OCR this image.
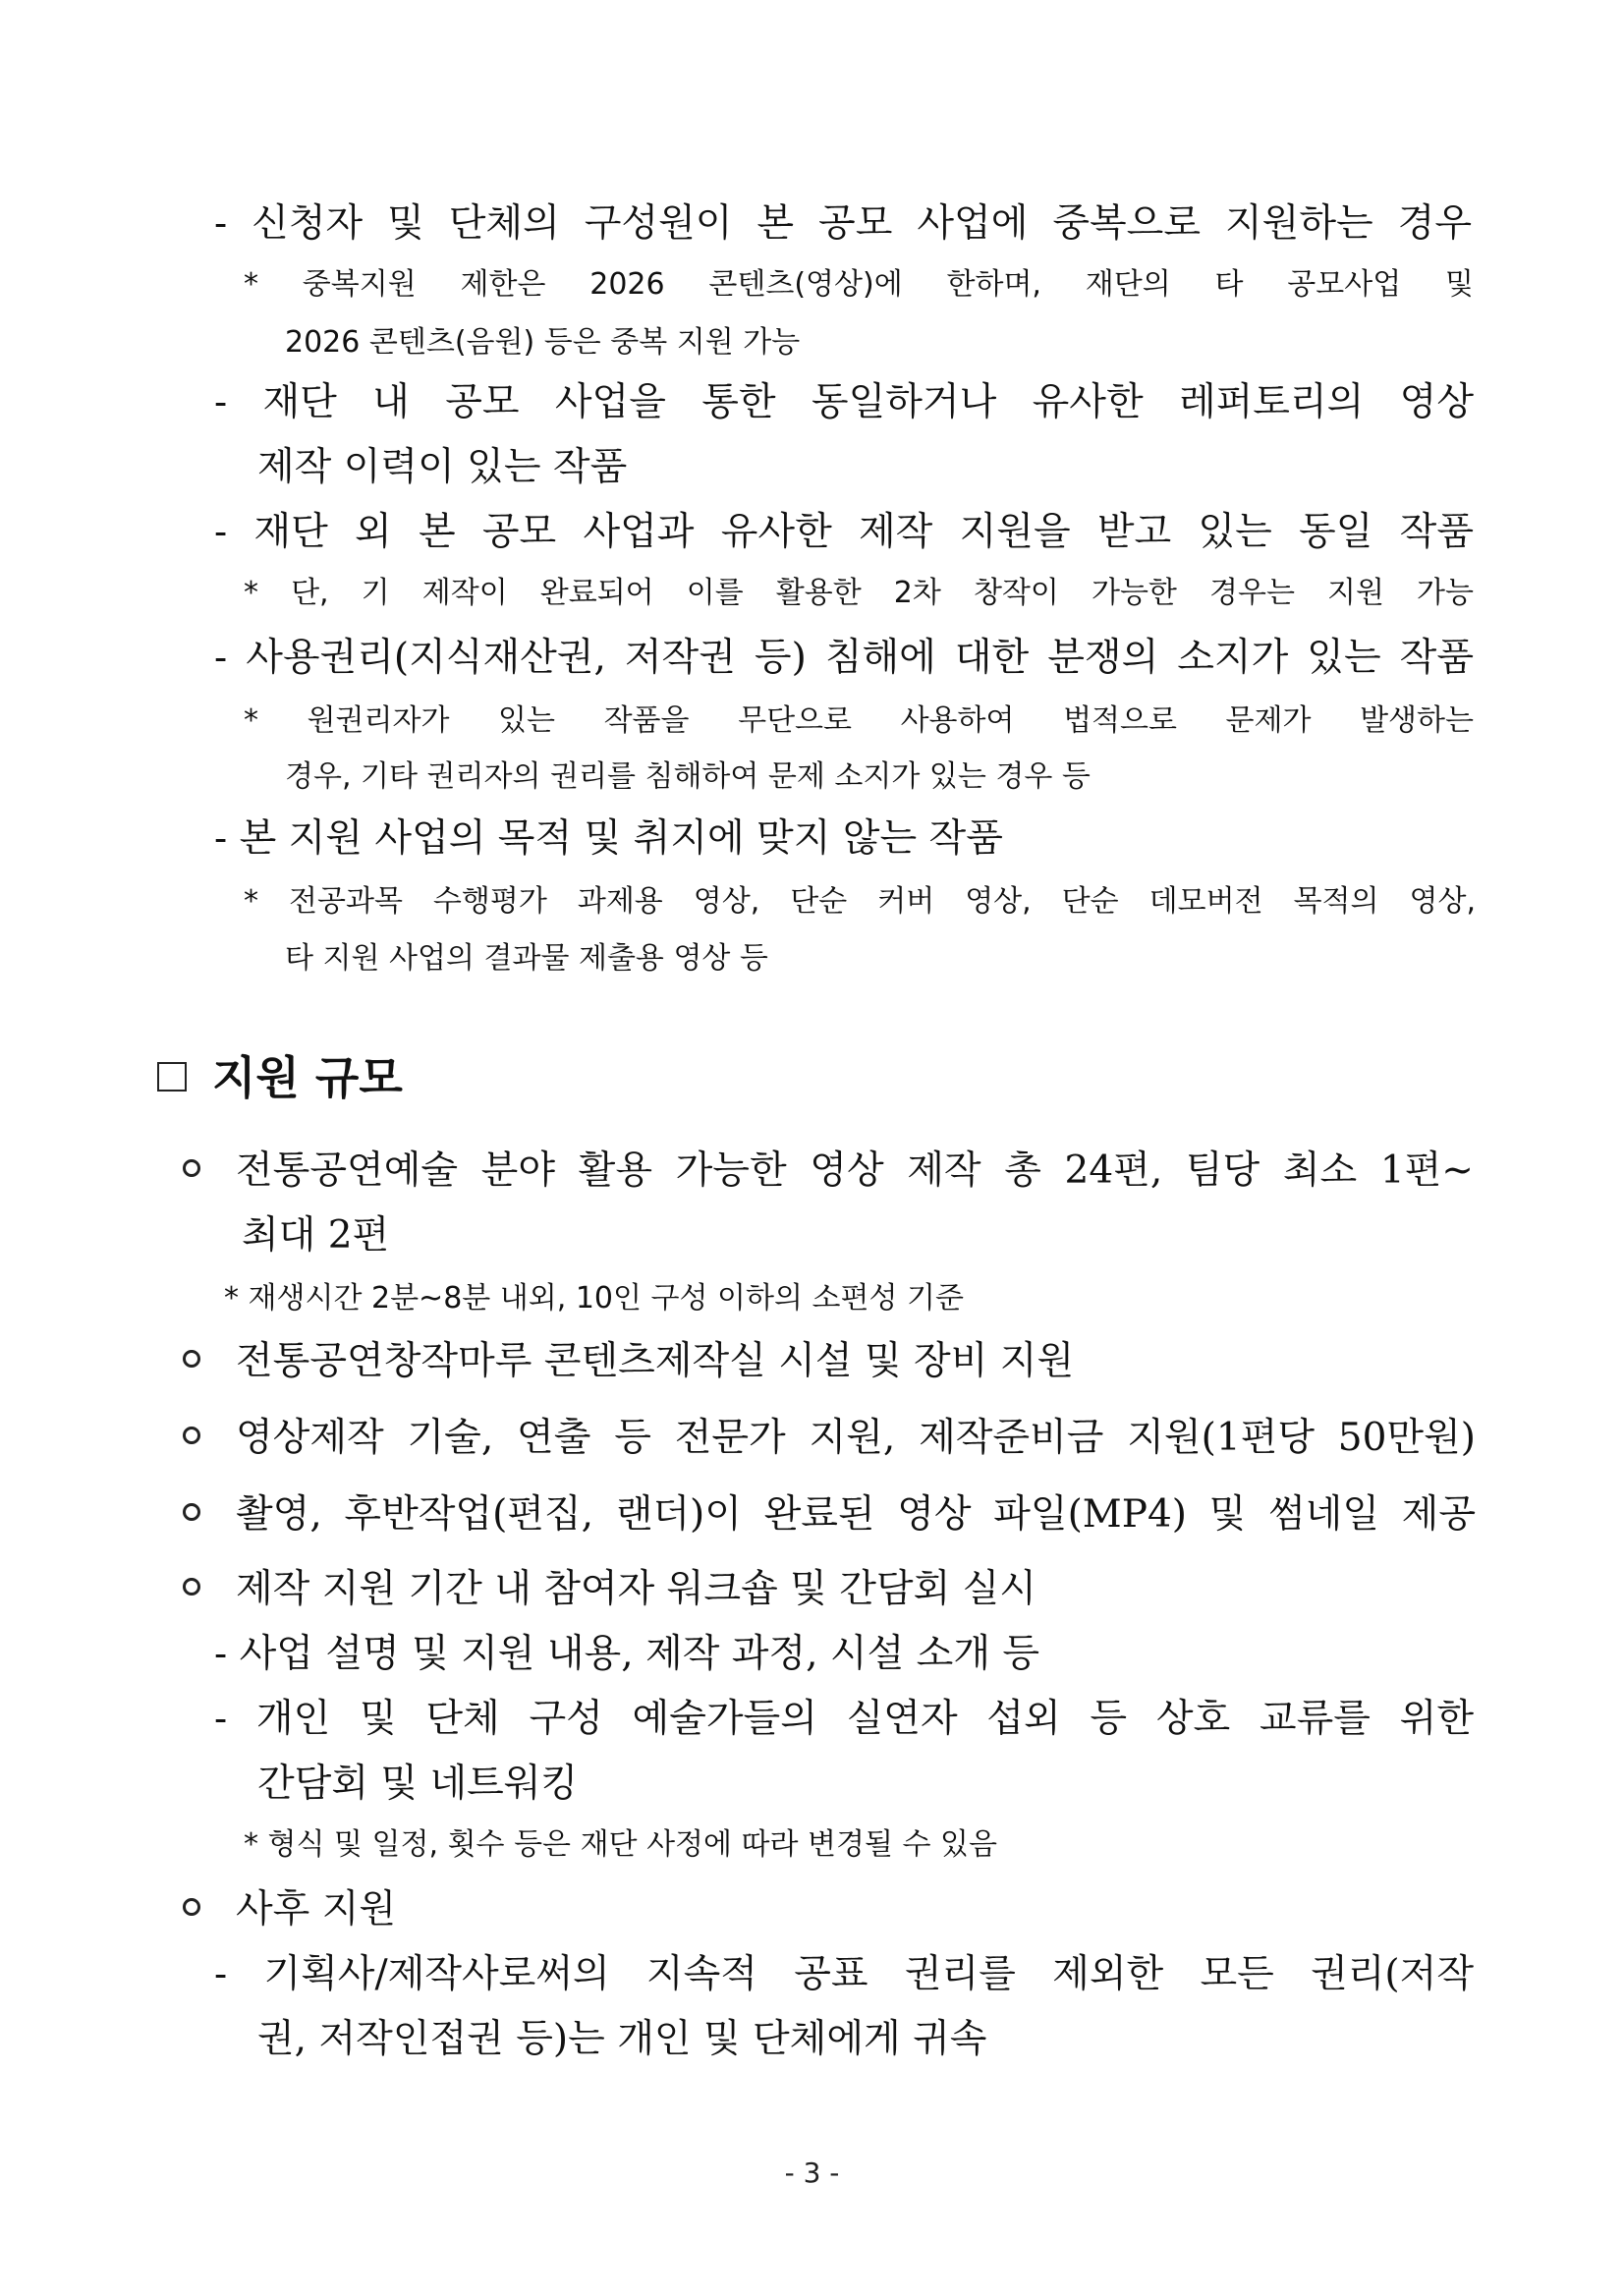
- 신청자 및 단체의 구성원이 본 공모 사업에 중복으로 지원하는 경우
* 중복지원 제한은 2026 콘텐츠(영상)에 한하며, 재단의 타 공모사업 및
2026 콘텐츠(음원) 등은 중복 지원 가능
- 재단 내 공모 사업을 통한 동일하거나 유사한 레퍼토리의 영상
제작 이력이 있는 작품
- 재단 외 본 공모 사업과 유사한 제작 지원을 받고 있는 동일 작품
* 단, 기 제작이 완료되어 이를 활용한 2차 창작이 가능한 경우는 지원 가능
- 사용권리(지식재산권, 저작권 등) 침해에 대한 분쟁의 소지가 있는 작품
* 원권리자가 있는 작품을 무단으로 사용하여 법적으로 문제가 발생하는
경우, 기타 권리자의 권리를 침해하여 문제 소지가 있는 경우 등
- 본 지원 사업의 목적 및 취지에 맞지 않는 작품
* 전공과목 수행평가 과제용 영상, 단순 커버 영상, 단순 데모버전 목적의 영상,
타 지원 사업의 결과물 제출용 영상 등
지원 규모
전통공연예술 분야 활용 가능한 영상 제작 총 24편, 팀당 최소 1편~
최대 2편
* 재생시간 2분~8분 내외, 10인 구성 이하의 소편성 기준
전통공연창작마루 콘텐츠제작실 시설 및 장비 지원
영상제작 기술, 연출 등 전문가 지원, 제작준비금 지원(1편당 50만원)
촬영, 후반작업(편집, 랜더)이 완료된 영상 파일(MP4) 및 썸네일 제공
제작 지원 기간 내 참여자 워크숍 및 간담회 실시
- 사업 설명 및 지원 내용, 제작 과정, 시설 소개 등
- 개인 및 단체 구성 예술가들의 실연자 섭외 등 상호 교류를 위한
간담회 및 네트워킹
* 형식 및 일정, 횟수 등은 재단 사정에 따라 변경될 수 있음
사후 지원
- 기획사/제작사로써의 지속적 공표 권리를 제외한 모든 권리(저작
권, 저작인접권 등)는 개인 및 단체에게 귀속
- 3 -
